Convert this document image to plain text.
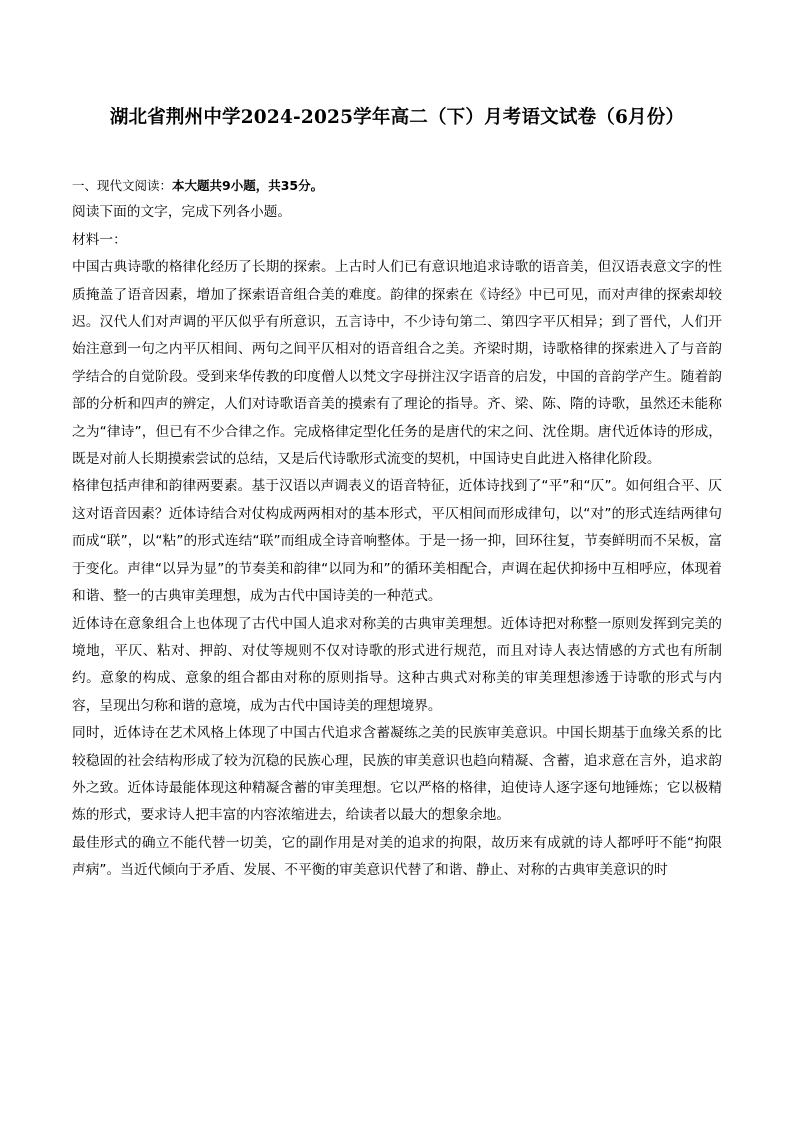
湖北省荆州中学2024-2025学年高二（下）月考语文试卷（6月份）

一、现代文阅读：本大题共9小题，共35分。

阅读下面的文字，完成下列各小题。

材料一：

中国古典诗歌的格律化经历了长期的探索。上古时人们已有意识地追求诗歌的语音美，但汉语表意文字的性质掩盖了语音因素，增加了探索语音组合美的难度。韵律的探索在《诗经》中已可见，而对声律的探索却较迟。汉代人们对声调的平仄似乎有所意识，五言诗中，不少诗句第二、第四字平仄相异；到了晋代，人们开始注意到一句之内平仄相间、两句之间平仄相对的语音组合之美。齐梁时期，诗歌格律的探索进入了与音韵学结合的自觉阶段。受到来华传教的印度僧人以梵文字母拼注汉字语音的启发，中国的音韵学产生。随着韵部的分析和四声的辨定，人们对诗歌语音美的摸索有了理论的指导。齐、梁、陈、隋的诗歌，虽然还未能称之为“律诗”，但已有不少合律之作。完成格律定型化任务的是唐代的宋之问、沈佺期。唐代近体诗的形成，既是对前人长期摸索尝试的总结，又是后代诗歌形式流变的契机，中国诗史自此进入格律化阶段。

格律包括声律和韵律两要素。基于汉语以声调表义的语音特征，近体诗找到了“平”和“仄”。如何组合平、仄这对语音因素？近体诗结合对仗构成两两相对的基本形式，平仄相间而形成律句，以“对”的形式连结两律句而成“联”，以“粘”的形式连结“联”而组成全诗音响整体。于是一扬一抑，回环往复，节奏鲜明而不呆板，富于变化。声律“以异为显”的节奏美和韵律“以同为和”的循环美相配合，声调在起伏抑扬中互相呼应，体现着和谐、整一的古典审美理想，成为古代中国诗美的一种范式。

近体诗在意象组合上也体现了古代中国人追求对称美的古典审美理想。近体诗把对称整一原则发挥到完美的境地，平仄、粘对、押韵、对仗等规则不仅对诗歌的形式进行规范，而且对诗人表达情感的方式也有所制约。意象的构成、意象的组合都由对称的原则指导。这种古典式对称美的审美理想渗透于诗歌的形式与内容，呈现出匀称和谐的意境，成为古代中国诗美的理想境界。

同时，近体诗在艺术风格上体现了中国古代追求含蓄凝练之美的民族审美意识。中国长期基于血缘关系的比较稳固的社会结构形成了较为沉稳的民族心理，民族的审美意识也趋向精凝、含蓄，追求意在言外，追求韵外之致。近体诗最能体现这种精凝含蓄的审美理想。它以严格的格律，迫使诗人逐字逐句地锤炼；它以极精炼的形式，要求诗人把丰富的内容浓缩进去，给读者以最大的想象余地。

最佳形式的确立不能代替一切美，它的副作用是对美的追求的拘限，故历来有成就的诗人都呼吁不能“拘限声病”。当近代倾向于矛盾、发展、不平衡的审美意识代替了和谐、静止、对称的古典审美意识的时
